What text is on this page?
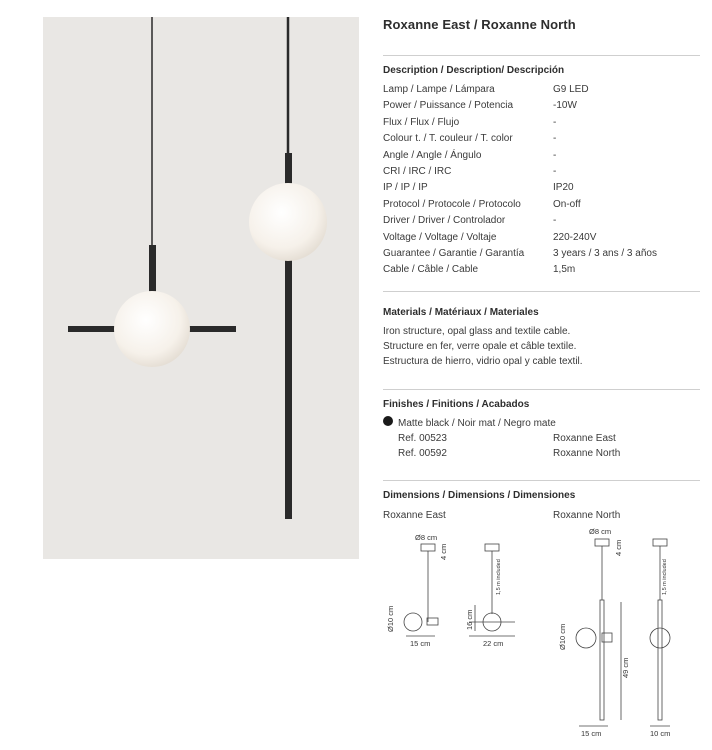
Roxanne East / Roxanne North
Description / Description/ Descripción
Lamp / Lampe / Lámpara	G9 LED
Power / Puissance / Potencia	-10W
Flux / Flux / Flujo	-
Colour t. / T. couleur / T. color	-
Angle / Angle / Ángulo	-
CRI / IRC / IRC	-
IP / IP / IP	IP20
Protocol / Protocole / Protocolo	On-off
Driver / Driver / Controlador	-
Voltage / Voltage / Voltaje	220-240V
Guarantee / Garantie / Garantía	3 years / 3 ans / 3 años
Cable / Câble / Cable	1,5m
Materials / Matériaux / Materiales
Iron structure, opal glass and textile cable.
Structure en fer, verre opale et câble textile.
Estructura de hierro, vidrio opal y cable textil.
Finishes / Finitions / Acabados
Matte black / Noir mat / Negro mate
Ref. 00523	Roxanne East
Ref. 00592	Roxanne North
Dimensions / Dimensions / Dimensiones
Roxanne East	Roxanne North
Ø8 cm
4 cm
Ø10 cm
15 cm
16 cm
22 cm
1,5 m included
Ø8 cm
4 cm
Ø10 cm
49 cm
15 cm	10 cm
1,5 m included
